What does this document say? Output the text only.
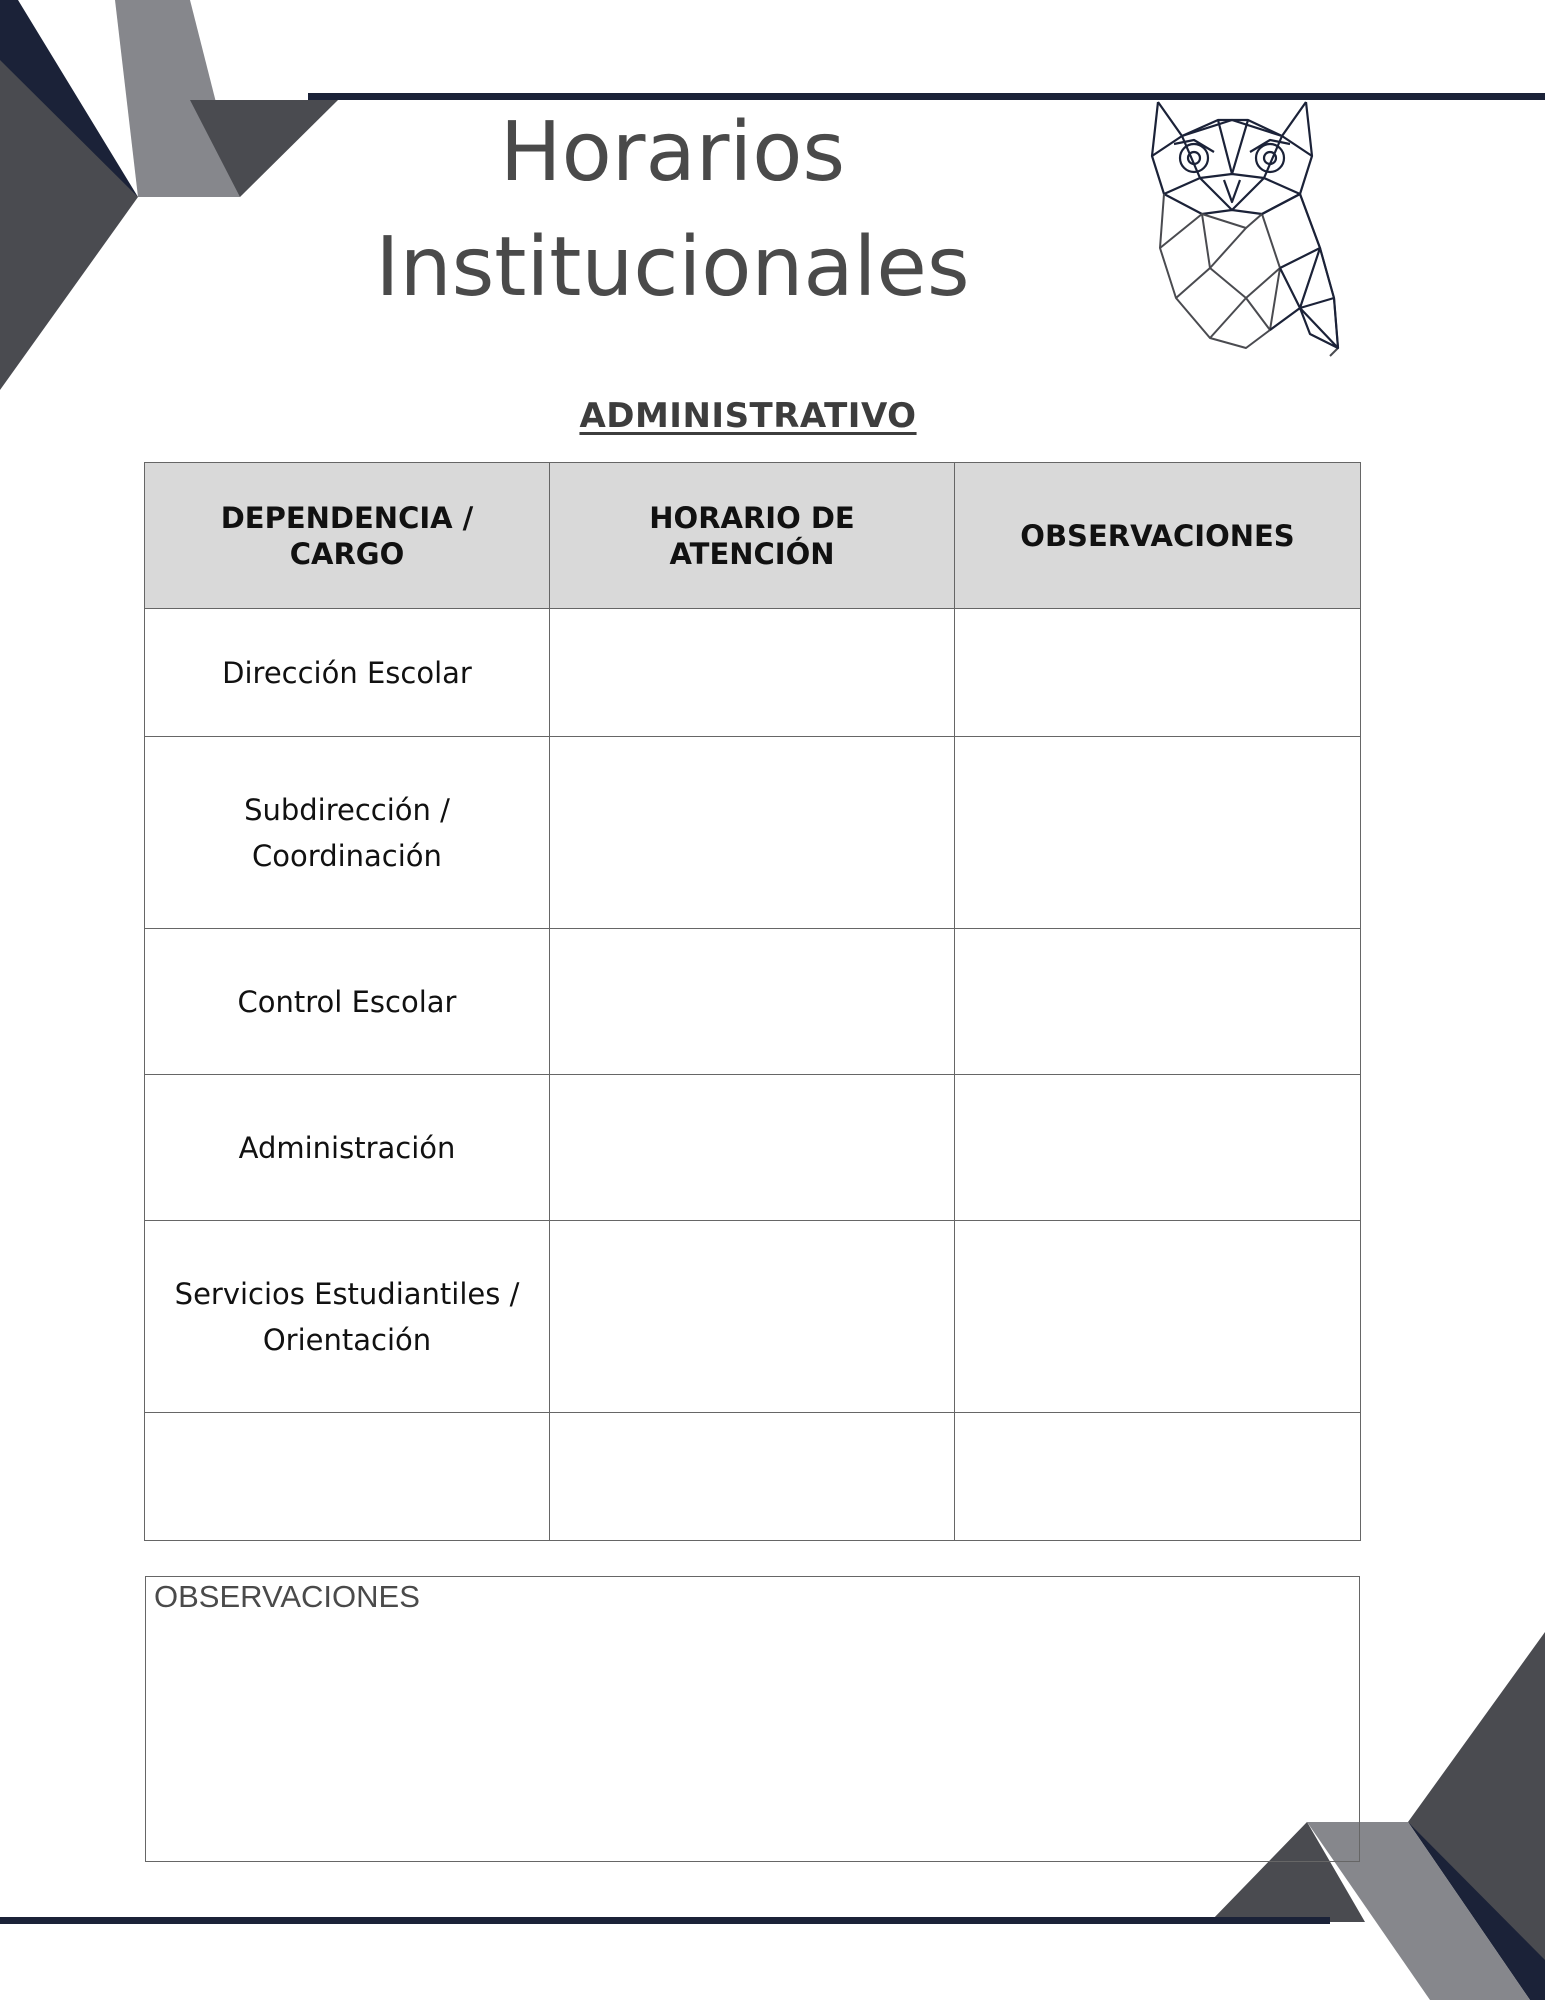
Horarios
Institucionales
ADMINISTRATIVO
DEPENDENCIA / CARGO	HORARIO DE ATENCIÓN	OBSERVACIONES
Dirección Escolar		
Subdirección / Coordinación		
Control Escolar		
Administración		
Servicios Estudiantiles / Orientación		

OBSERVACIONES
